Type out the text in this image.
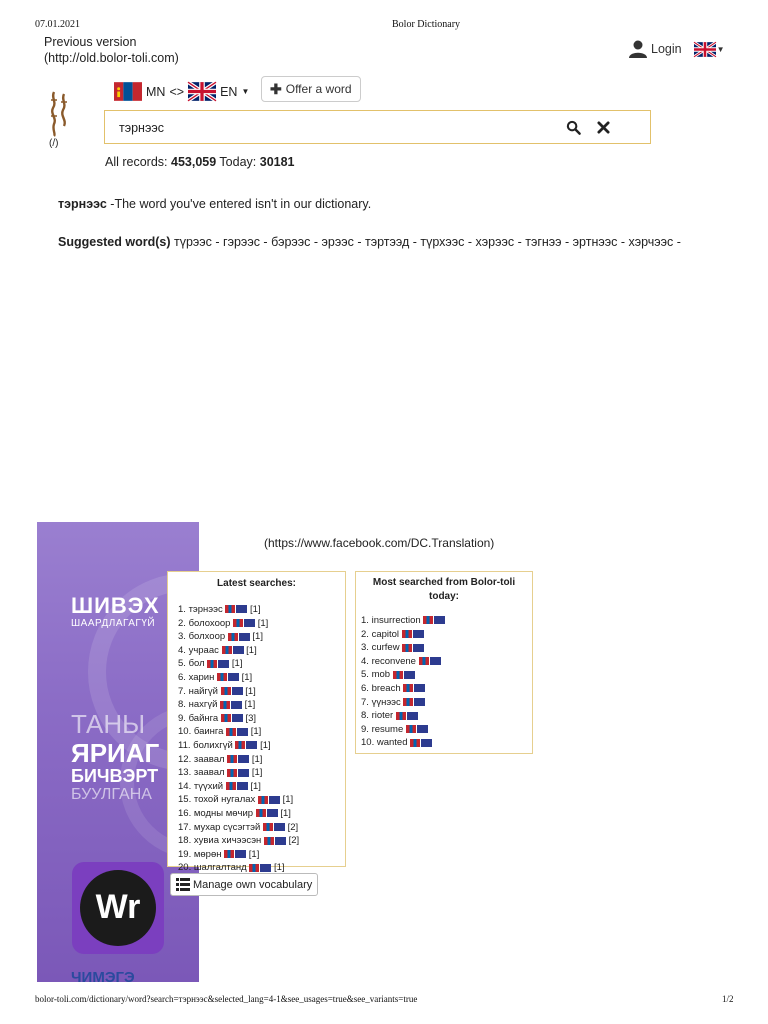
07.01.2021	Bolor Dictionary
Previous version
(http://old.bolor-toli.com)
Login	▼
(/)
MN <>	EN ▼ ✚ Offer a word
тэрнээс
All records: 453,059 Today: 30181
тэрнээс -The word you've entered isn't in our dictionary.
Suggested word(s) түрээс - гэрээс - бэрээс - эрээс - тэртээд - түрхээс - хэрээс - тэгнээ - эртнээс - хэрчээс -
ШИВЭХ
ШААРДЛАГАГҮЙ
ТАНЫ
ЯРИАГ
БИЧВЭРТ
БУУЛГАНА
Wr
ЧИМЭГЭ
(https://www.facebook.com/DC.Translation)
Latest searches:
1. тэрнээс	[1]
2. болохоор	[1]
3. болхоор	[1]
4. учраас	[1]
5. бол	[1]
6. харин	[1]
7. найгүй	[1]
8. нахгүй	[1]
9. байнга	[3]
10. баинга	[1]
11. болихгүй	[1]
12. заавал	[1]
13. заавал	[1]
14. түүхий	[1]
15. тохой нугалах	[1]
16. модны мөчир	[1]
17. мухар сүсэгтэй	[2]
18. хувиа хичээсэн	[2]
19. мөрөн	[1]
20. шалгалтанд	[1]
Most searched from Bolor-toli today:
1. insurrection
2. capitol
3. curfew
4. reconvene
5. mob
6. breach
7. үүнээс
8. rioter
9. resume
10. wanted
Manage own vocabulary
bolor-toli.com/dictionary/word?search=тэрнээс&selected_lang=4-1&see_usages=true&see_variants=true	1/2
